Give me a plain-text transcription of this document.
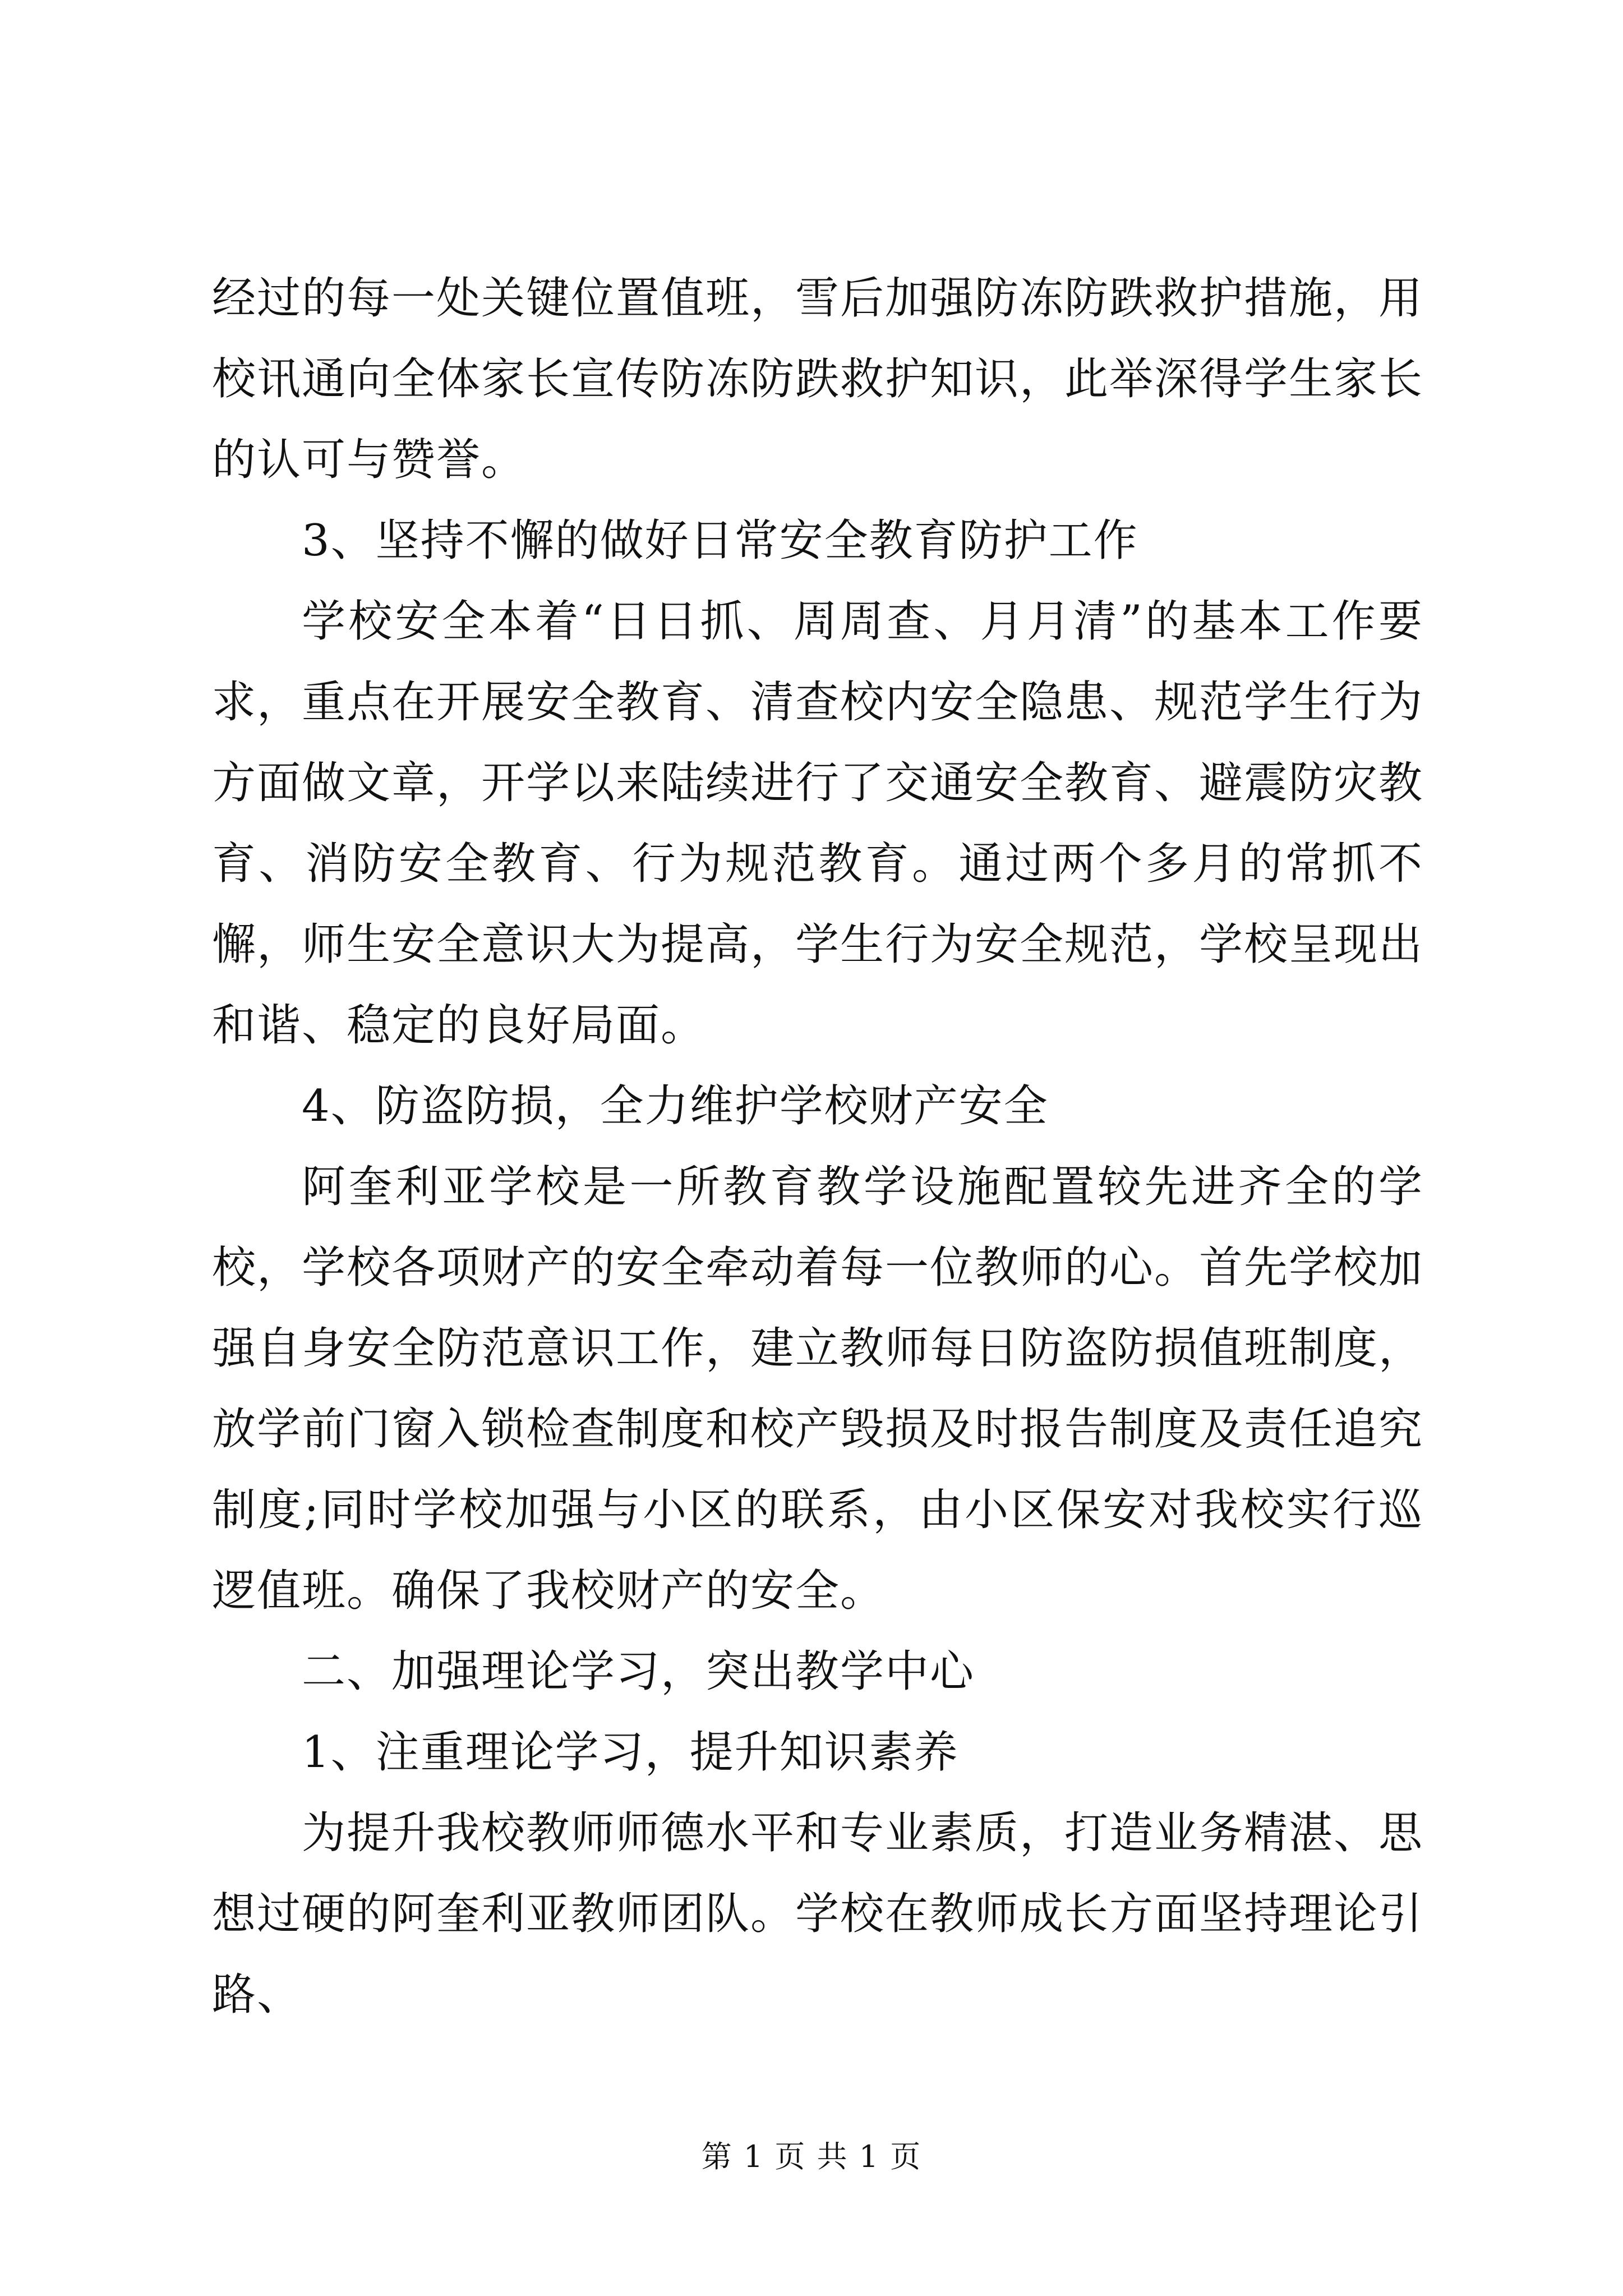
经过的每一处关键位置值班，雪后加强防冻防跌救护措施，用校讯通向全体家长宣传防冻防跌救护知识，此举深得学生家长的认可与赞誉。

3、坚持不懈的做好日常安全教育防护工作

学校安全本着“日日抓、周周查、月月清”的基本工作要求，重点在开展安全教育、清查校内安全隐患、规范学生行为方面做文章，开学以来陆续进行了交通安全教育、避震防灾教育、消防安全教育、行为规范教育。通过两个多月的常抓不懈，师生安全意识大为提高，学生行为安全规范，学校呈现出和谐、稳定的良好局面。

4、防盗防损，全力维护学校财产安全

阿奎利亚学校是一所教育教学设施配置较先进齐全的学校，学校各项财产的安全牵动着每一位教师的心。首先学校加强自身安全防范意识工作，建立教师每日防盗防损值班制度，放学前门窗入锁检查制度和校产毁损及时报告制度及责任追究制度;同时学校加强与小区的联系，由小区保安对我校实行巡逻值班。确保了我校财产的安全。

二、加强理论学习，突出教学中心

1、注重理论学习，提升知识素养

为提升我校教师师德水平和专业素质，打造业务精湛、思想过硬的阿奎利亚教师团队。学校在教师成长方面坚持理论引路、

第 1 页 共 1 页
